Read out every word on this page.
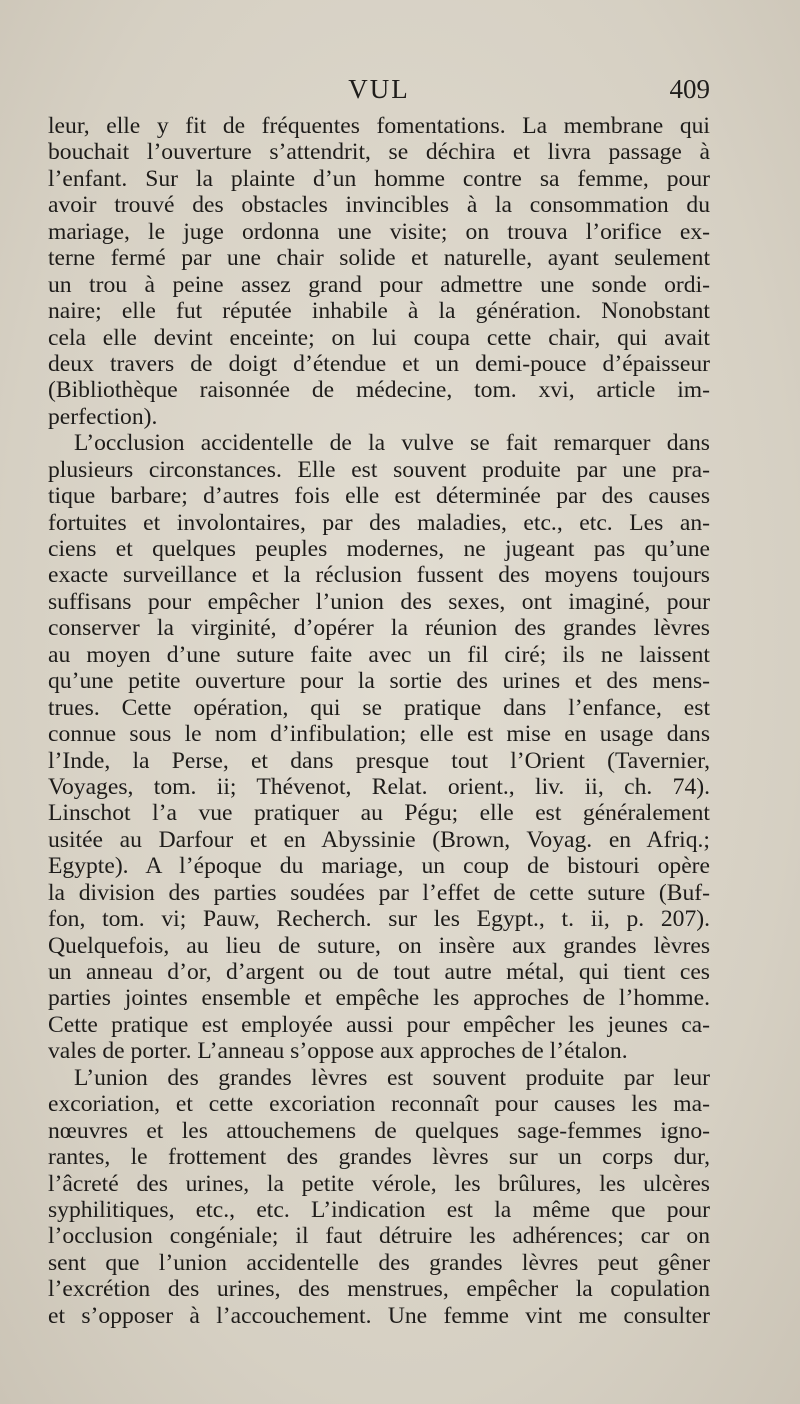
VUL	409

leur, elle y fit de fréquentes fomentations. La membrane qui
bouchait l’ouverture s’attendrit, se déchira et livra passage à
l’enfant. Sur la plainte d’un homme contre sa femme, pour
avoir trouvé des obstacles invincibles à la consommation du
mariage, le juge ordonna une visite; on trouva l’orifice ex-
terne fermé par une chair solide et naturelle, ayant seulement
un trou à peine assez grand pour admettre une sonde ordi-
naire; elle fut réputée inhabile à la génération. Nonobstant
cela elle devint enceinte; on lui coupa cette chair, qui avait
deux travers de doigt d’étendue et un demi-pouce d’épaisseur
(Bibliothèque raisonnée de médecine, tom. xvi, article im-
perfection).

L’occlusion accidentelle de la vulve se fait remarquer dans
plusieurs circonstances. Elle est souvent produite par une pra-
tique barbare; d’autres fois elle est déterminée par des causes
fortuites et involontaires, par des maladies, etc., etc. Les an-
ciens et quelques peuples modernes, ne jugeant pas qu’une
exacte surveillance et la réclusion fussent des moyens toujours
suffisans pour empêcher l’union des sexes, ont imaginé, pour
conserver la virginité, d’opérer la réunion des grandes lèvres
au moyen d’une suture faite avec un fil ciré; ils ne laissent
qu’une petite ouverture pour la sortie des urines et des mens-
trues. Cette opération, qui se pratique dans l’enfance, est
connue sous le nom d’infibulation; elle est mise en usage dans
l’Inde, la Perse, et dans presque tout l’Orient (Tavernier,
Voyages, tom. ii; Thévenot, Relat. orient., liv. ii, ch. 74).
Linschot l’a vue pratiquer au Pégu; elle est généralement
usitée au Darfour et en Abyssinie (Brown, Voyag. en Afriq.;
Egypte). A l’époque du mariage, un coup de bistouri opère
la division des parties soudées par l’effet de cette suture (Buf-
fon, tom. vi; Pauw, Recherch. sur les Egypt., t. ii, p. 207).
Quelquefois, au lieu de suture, on insère aux grandes lèvres
un anneau d’or, d’argent ou de tout autre métal, qui tient ces
parties jointes ensemble et empêche les approches de l’homme.
Cette pratique est employée aussi pour empêcher les jeunes ca-
vales de porter. L’anneau s’oppose aux approches de l’étalon.

L’union des grandes lèvres est souvent produite par leur
excoriation, et cette excoriation reconnaît pour causes les ma-
nœuvres et les attouchemens de quelques sage-femmes igno-
rantes, le frottement des grandes lèvres sur un corps dur,
l’âcreté des urines, la petite vérole, les brûlures, les ulcères
syphilitiques, etc., etc. L’indication est la même que pour
l’occlusion congéniale; il faut détruire les adhérences; car on
sent que l’union accidentelle des grandes lèvres peut gêner
l’excrétion des urines, des menstrues, empêcher la copulation
et s’opposer à l’accouchement. Une femme vint me consulter
